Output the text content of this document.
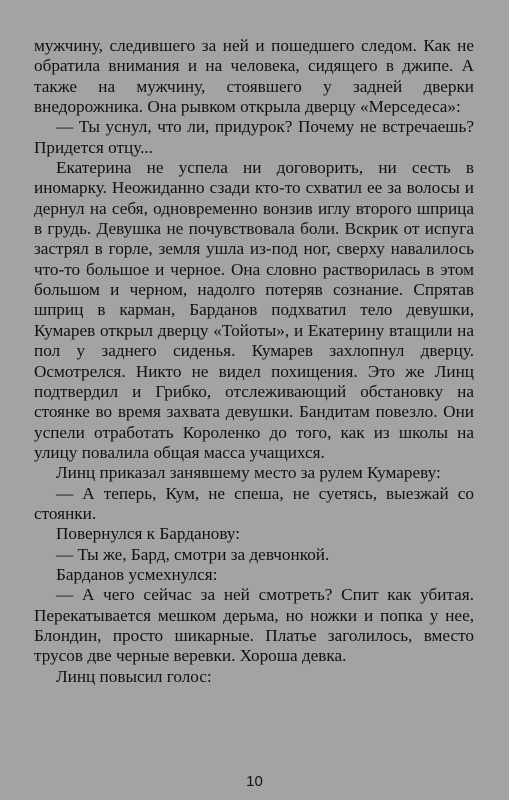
мужчину, следившего за ней и пошедшего следом. Как не обратила внимания и на человека, сидящего в джипе. А также на мужчину, стоявшего у задней дверки внедорожника. Она рывком открыла дверцу «Мерседеса»:

— Ты уснул, что ли, придурок? Почему не встречаешь? Придется отцу...

Екатерина не успела ни договорить, ни сесть в иномарку. Неожиданно сзади кто-то схватил ее за волосы и дернул на себя, одновременно вонзив иглу второго шприца в грудь. Девушка не почувствовала боли. Вскрик от испуга застрял в горле, земля ушла из-под ног, сверху навалилось что-то большое и черное. Она словно растворилась в этом большом и черном, надолго потеряв сознание. Спрятав шприц в карман, Барданов подхватил тело девушки, Кумарев открыл дверцу «Тойоты», и Екатерину втащили на пол у заднего сиденья. Кумарев захлопнул дверцу. Осмотрелся. Никто не видел похищения. Это же Линц подтвердил и Грибко, отслеживающий обстановку на стоянке во время захвата девушки. Бандитам повезло. Они успели отработать Короленко до того, как из школы на улицу повалила общая масса учащихся.

Линц приказал занявшему место за рулем Кумареву:

— А теперь, Кум, не спеша, не суетясь, выезжай со стоянки.

Повернулся к Барданову:

— Ты же, Бард, смотри за девчонкой.

Барданов усмехнулся:

— А чего сейчас за ней смотреть? Спит как убитая. Перекатывается мешком дерьма, но ножки и попка у нее, Блондин, просто шикарные. Платье заголилось, вместо трусов две черные веревки. Хороша девка.

Линц повысил голос:

10
